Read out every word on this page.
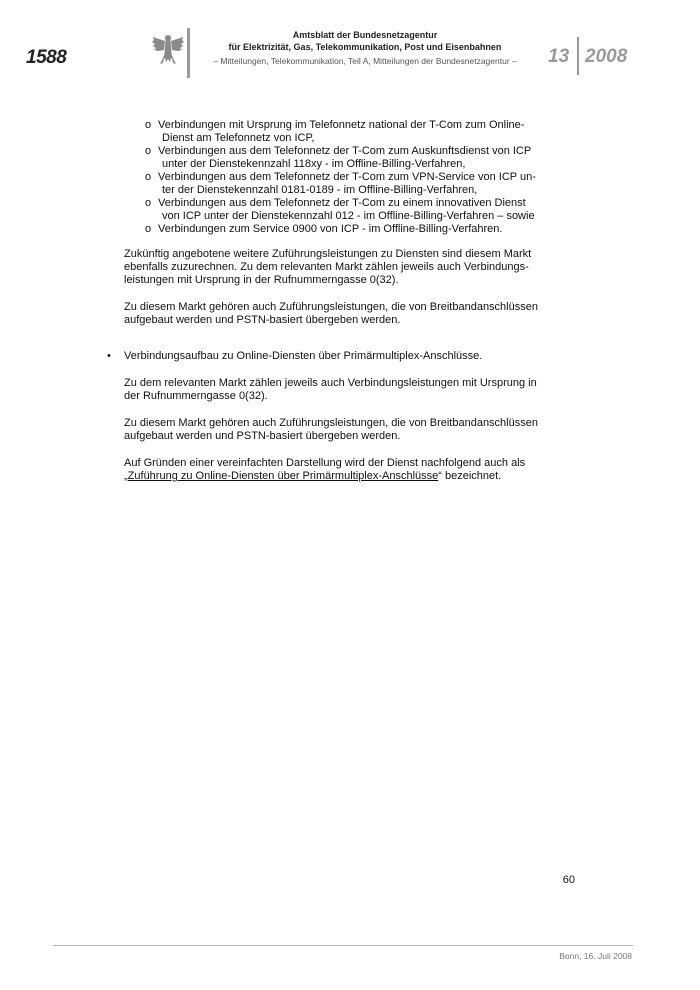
1588
Amtsblatt der Bundesnetzagentur
für Elektrizität, Gas, Telekommunikation, Post und Eisenbahnen
– Mitteilungen, Telekommunikation, Teil A, Mitteilungen der Bundesnetzagentur –	13 2008
o Verbindungen mit Ursprung im Telefonnetz national der T-Com zum Online-
Dienst am Telefonnetz von ICP,
o Verbindungen aus dem Telefonnetz der T-Com zum Auskunftsdienst von ICP
unter der Dienstekennzahl 118xy - im Offline-Billing-Verfahren,
o Verbindungen aus dem Telefonnetz der T-Com zum VPN-Service von ICP un-
ter der Dienstekennzahl 0181-0189 - im Offline-Billing-Verfahren,
o Verbindungen aus dem Telefonnetz der T-Com zu einem innovativen Dienst
von ICP unter der Dienstekennzahl 012 - im Offline-Billing-Verfahren – sowie
o Verbindungen zum Service 0900 von ICP - im Offline-Billing-Verfahren.
Zukünftig angebotene weitere Zuführungsleistungen zu Diensten sind diesem Markt
ebenfalls zuzurechnen. Zu dem relevanten Markt zählen jeweils auch Verbindungs-
leistungen mit Ursprung in der Rufnummerngasse 0(32).
Zu diesem Markt gehören auch Zuführungsleistungen, die von Breitbandanschlüssen
aufgebaut werden und PSTN-basiert übergeben werden.
• Verbindungsaufbau zu Online-Diensten über Primärmultiplex-Anschlüsse.
Zu dem relevanten Markt zählen jeweils auch Verbindungsleistungen mit Ursprung in
der Rufnummerngasse 0(32).
Zu diesem Markt gehören auch Zuführungsleistungen, die von Breitbandanschlüssen
aufgebaut werden und PSTN-basiert übergeben werden.
Auf Gründen einer vereinfachten Darstellung wird der Dienst nachfolgend auch als
„Zuführung zu Online-Diensten über Primärmultiplex-Anschlüsse“ bezeichnet.
60
Bonn, 16. Juli 2008
